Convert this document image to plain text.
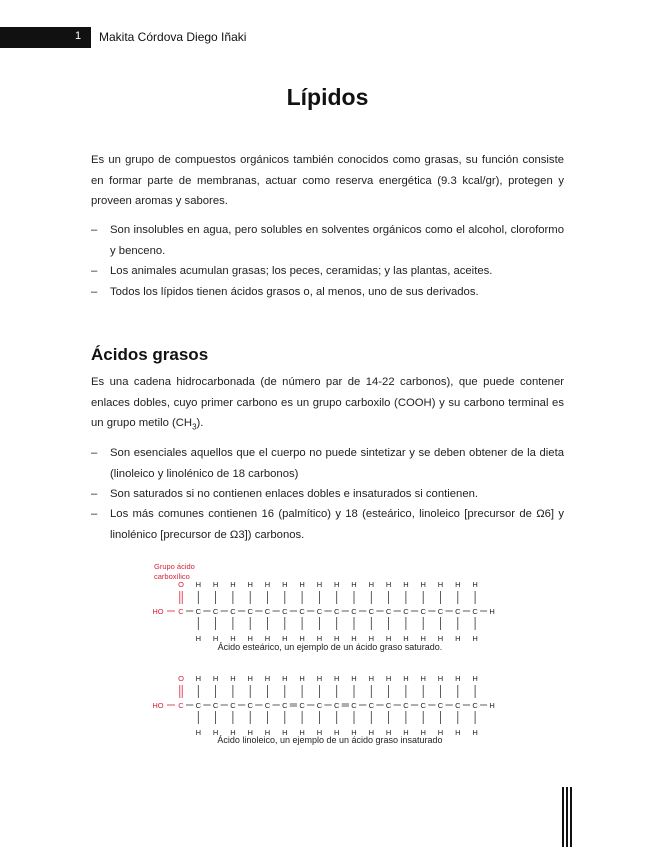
1	Makita Córdova Diego Iñaki
Lípidos
Es un grupo de compuestos orgánicos también conocidos como grasas, su función consiste en formar parte de membranas, actuar como reserva energética (9.3 kcal/gr), protegen y proveen aromas y sabores.
– Son insolubles en agua, pero solubles en solventes orgánicos como el alcohol, cloroformo y benceno.
– Los animales acumulan grasas; los peces, ceramidas; y las plantas, aceites.
– Todos los lípidos tienen ácidos grasos o, al menos, uno de sus derivados.
Ácidos grasos
Es una cadena hidrocarbonada (de número par de 14-22 carbonos), que puede contener enlaces dobles, cuyo primer carbono es un grupo carboxilo (COOH) y su carbono terminal es un grupo metilo $(CH_3)$.
– Son esenciales aquellos que el cuerpo no puede sintetizar y se deben obtener de la dieta (linoleico y linolénico de 18 carbonos)
– Son saturados si no contienen enlaces dobles e insaturados si contienen.
– Los más comunes contienen 16 (palmítico) y 18 (esteárico, linoleico [precursor de Ω6] y linolénico [precursor de Ω3]) carbonos.
Grupo ácido
carboxílico
HO C
O
C
H
H
C
H
H
C
H
H
C
H
H
C
H
H
C
H
H
C
H
H
C
H
H
C
H
H
C
H
H
C
H
H
C
H
H
C
H
H
C
H
H
C
H
H
C
H
H
C
H
H
H
HO C
O
C
H
H
C
H
H
C
H
H
C
H
H
C
H
H
C
H
H
C
H
H
C
H
H
C
H
H
C
H
H
C
H
H
C
H
H
C
H
H
C
H
H
C
H
H
C
H
H
C
H
H
H
Ácido esteárico, un ejemplo de un ácido graso saturado.
Ácido linoleico, un ejemplo de un ácido graso insaturado
